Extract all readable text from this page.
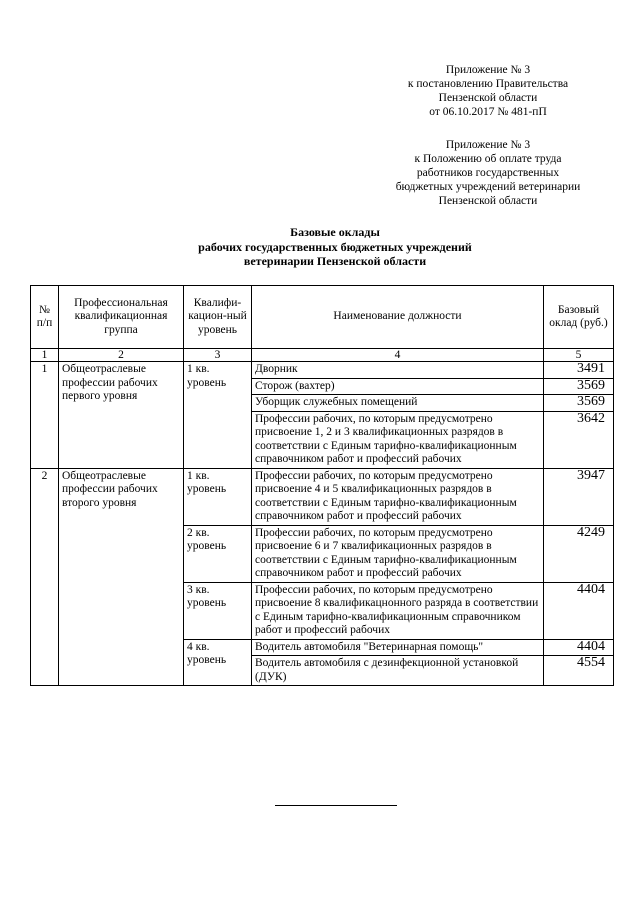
Приложение № 3
к постановлению Правительства
Пензенской области
от 06.10.2017 № 481-пП
Приложение № 3
к Положению об оплате труда
работников государственных
бюджетных учреждений ветеринарии
Пензенской области
Базовые оклады
рабочих государственных бюджетных учреждений
ветеринарии Пензенской области
№ п/п	Профессиональная квалификационная группа	Квалифи-кацион-ный уровень	Наименование должности	Базовый оклад (руб.)
1	2	3	4	5
1	Общеотраслевые профессии рабочих первого уровня	1 кв. уровень	Дворник	3491
			Сторож (вахтер)	3569
			Уборщик служебных помещений	3569
			Профессии рабочих, по которым предусмотрено присвоение 1, 2 и 3 квалификационных разрядов в соответствии с Единым тарифно-квалификационным справочником работ и профессий рабочих	3642
2	Общеотраслевые профессии рабочих второго уровня	1 кв. уровень	Профессии рабочих, по которым предусмотрено присвоение 4 и 5 квалификационных разрядов в соответствии с Единым тарифно-квалификационным справочником работ и профессий рабочих	3947
		2 кв. уровень	Профессии рабочих, по которым предусмотрено присвоение 6 и 7 квалификационных разрядов в соответствии с Единым тарифно-квалификационным справочником работ и профессий рабочих	4249
		3 кв. уровень	Профессии рабочих, по которым предусмотрено присвоение 8 квалификацнонного разряда в соответствии с Единым тарифно-квалификационным справочником работ и профессий рабочих	4404
		4 кв. уровень	Водитель автомобиля "Ветеринарная помощь"	4404
			Водитель автомобиля с дезинфекционной установкой (ДУК)	4554
